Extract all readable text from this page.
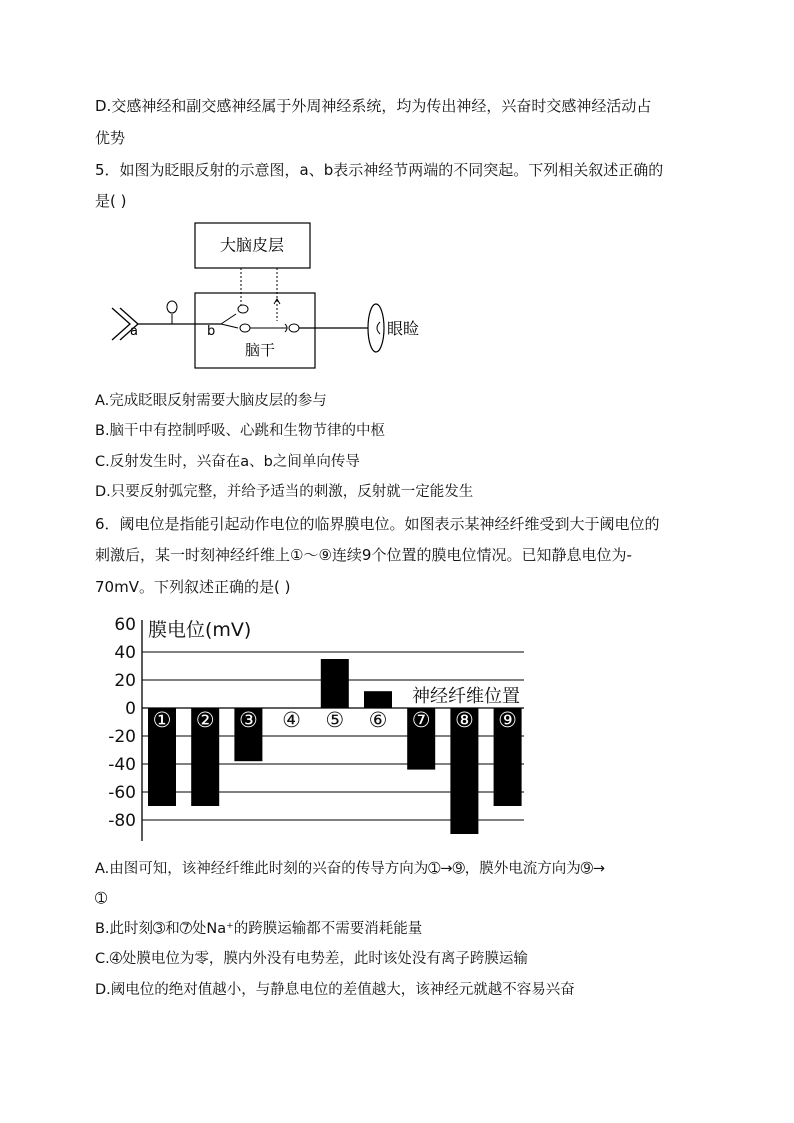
D.交感神经和副交感神经属于外周神经系统，均为传出神经，兴奋时交感神经活动占
优势
5．如图为眨眼反射的示意图，a、b表示神经节两端的不同突起。下列相关叙述正确的
是( )
大脑皮层
脑干
a	b	眼睑
A.完成眨眼反射需要大脑皮层的参与
B.脑干中有控制呼吸、心跳和生物节律的中枢
C.反射发生时，兴奋在a、b之间单向传导
D.只要反射弧完整，并给予适当的刺激，反射就一定能发生
6．阈电位是指能引起动作电位的临界膜电位。如图表示某神经纤维受到大于阈电位的
刺激后，某一时刻神经纤维上①～⑨连续9个位置的膜电位情况。已知静息电位为-
70mV。下列叙述正确的是( )
60
40
20
0
-20
-40
-60
-80
膜电位(mV)
神经纤维位置
① ② ③ ④ ⑤ ⑥ ⑦ ⑧ ⑨
A.由图可知，该神经纤维此时刻的兴奋的传导方向为➀→➈，膜外电流方向为➈→
➀
B.此时刻➂和➆处Na⁺的跨膜运输都不需要消耗能量
C.➃处膜电位为零，膜内外没有电势差，此时该处没有离子跨膜运输
D.阈电位的绝对值越小，与静息电位的差值越大，该神经元就越不容易兴奋
